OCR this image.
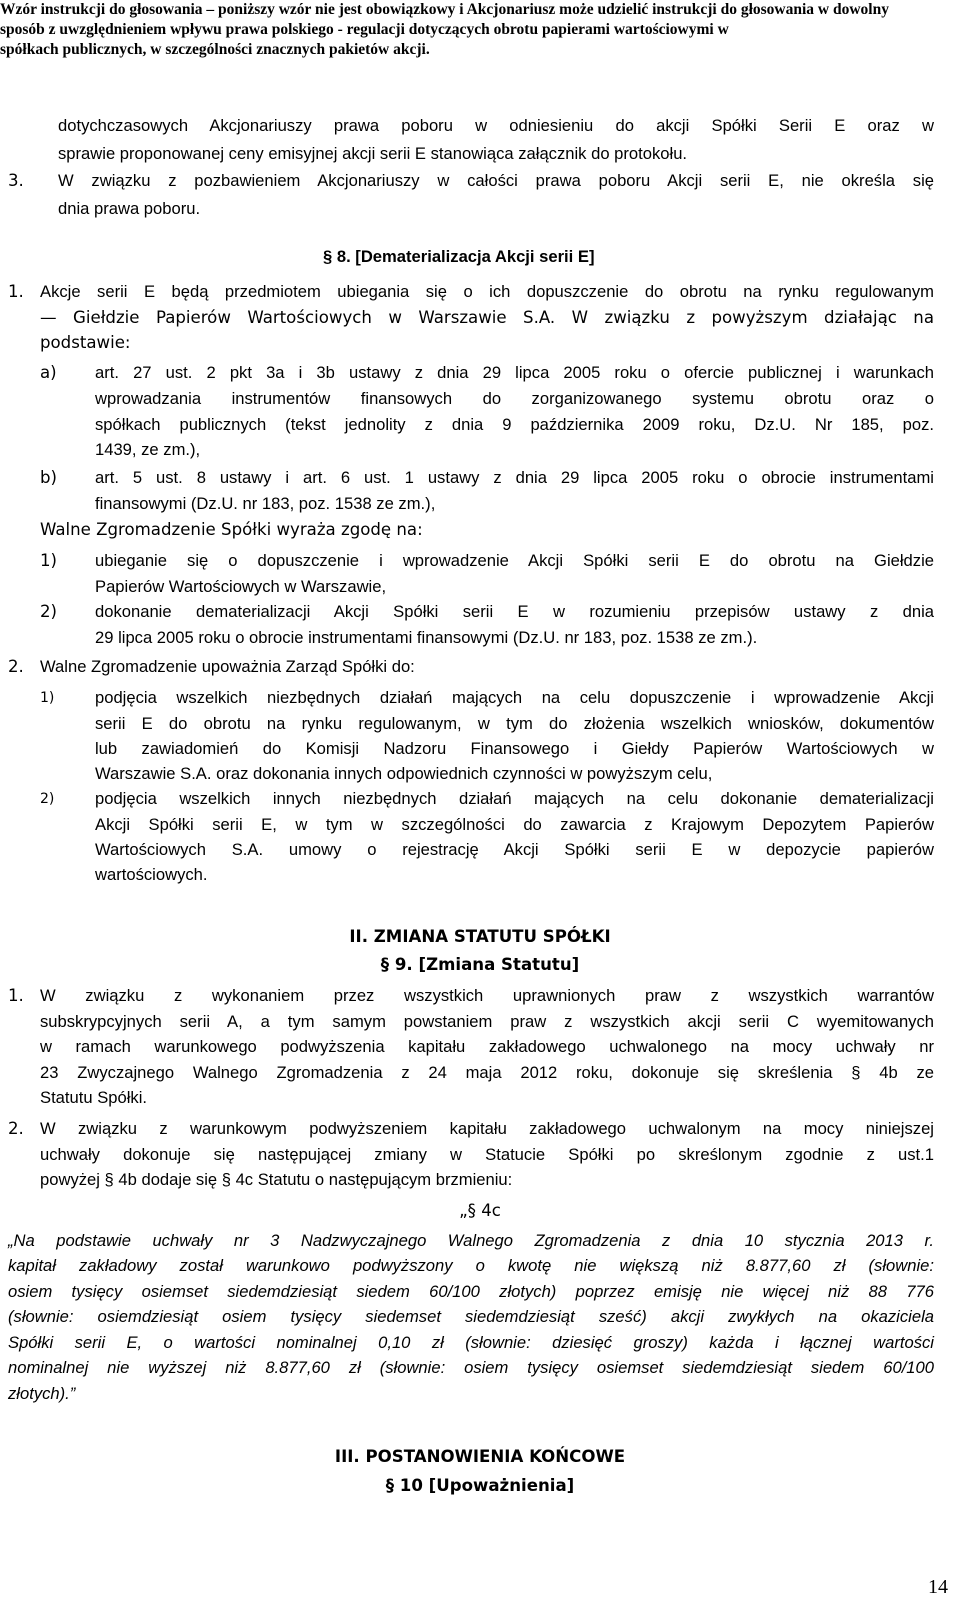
Wzór instrukcji do głosowania – poniższy wzór nie jest obowiązkowy i Akcjonariusz może udzielić instrukcji do głosowania w dowolny
sposób z uwzględnieniem wpływu prawa polskiego - regulacji dotyczących obrotu papierami wartościowymi w
spółkach publicznych, w szczególności znacznych pakietów akcji.
dotychczasowych Akcjonariuszy prawa poboru w odniesieniu do akcji Spółki Serii E oraz w
sprawie proponowanej ceny emisyjnej akcji serii E stanowiąca załącznik do protokołu.
3. W związku z pozbawieniem Akcjonariuszy w całości prawa poboru Akcji serii E, nie określa się
dnia prawa poboru.
§ 8. [Dematerializacja Akcji serii E]
1. Akcje serii E będą przedmiotem ubiegania się o ich dopuszczenie do obrotu na rynku regulowanym
— Giełdzie Papierów Wartościowych w Warszawie S.A. W związku z powyższym działając na
podstawie:
a) art. 27 ust. 2 pkt 3a i 3b ustawy z dnia 29 lipca 2005 roku o ofercie publicznej i warunkach
wprowadzania instrumentów finansowych do zorganizowanego systemu obrotu oraz o
spółkach publicznych (tekst jednolity z dnia 9 października 2009 roku, Dz.U. Nr 185, poz.
1439, ze zm.),
b) art. 5 ust. 8 ustawy i art. 6 ust. 1 ustawy z dnia 29 lipca 2005 roku o obrocie instrumentami
finansowymi (Dz.U. nr 183, poz. 1538 ze zm.),
Walne Zgromadzenie Spółki wyraża zgodę na:
1) ubieganie się o dopuszczenie i wprowadzenie Akcji Spółki serii E do obrotu na Giełdzie
Papierów Wartościowych w Warszawie,
2) dokonanie dematerializacji Akcji Spółki serii E w rozumieniu przepisów ustawy z dnia
29 lipca 2005 roku o obrocie instrumentami finansowymi (Dz.U. nr 183, poz. 1538 ze zm.).
2. Walne Zgromadzenie upoważnia Zarząd Spółki do:
1) podjęcia wszelkich niezbędnych działań mających na celu dopuszczenie i wprowadzenie Akcji
serii E do obrotu na rynku regulowanym, w tym do złożenia wszelkich wniosków, dokumentów
lub zawiadomień do Komisji Nadzoru Finansowego i Giełdy Papierów Wartościowych w
Warszawie S.A. oraz dokonania innych odpowiednich czynności w powyższym celu,
2) podjęcia wszelkich innych niezbędnych działań mających na celu dokonanie dematerializacji
Akcji Spółki serii E, w tym w szczególności do zawarcia z Krajowym Depozytem Papierów
Wartościowych S.A. umowy o rejestrację Akcji Spółki serii E w depozycie papierów
wartościowych.
II. ZMIANA STATUTU SPÓŁKI
§ 9. [Zmiana Statutu]
1. W związku z wykonaniem przez wszystkich uprawnionych praw z wszystkich warrantów
subskrypcyjnych serii A, a tym samym powstaniem praw z wszystkich akcji serii C wyemitowanych
w ramach warunkowego podwyższenia kapitału zakładowego uchwalonego na mocy uchwały nr
23 Zwyczajnego Walnego Zgromadzenia z 24 maja 2012 roku, dokonuje się skreślenia § 4b ze
Statutu Spółki.
2. W związku z warunkowym podwyższeniem kapitału zakładowego uchwalonym na mocy niniejszej
uchwały dokonuje się następującej zmiany w Statucie Spółki po skreślonym zgodnie z ust.1
powyżej § 4b dodaje się § 4c Statutu o następującym brzmieniu:
„§ 4c
„Na podstawie uchwały nr 3 Nadzwyczajnego Walnego Zgromadzenia z dnia 10 stycznia 2013 r.
kapitał zakładowy został warunkowo podwyższony o kwotę nie większą niż 8.877,60 zł (słownie:
osiem tysięcy osiemset siedemdziesiąt siedem 60/100 złotych) poprzez emisję nie więcej niż 88 776
(słownie: osiemdziesiąt osiem tysięcy siedemset siedemdziesiąt sześć) akcji zwykłych na okaziciela
Spółki serii E, o wartości nominalnej 0,10 zł (słownie: dziesięć groszy) każda i łącznej wartości
nominalnej nie wyższej niż 8.877,60 zł (słownie: osiem tysięcy osiemset siedemdziesiąt siedem 60/100
złotych).”
III. POSTANOWIENIA KOŃCOWE
§ 10 [Upoważnienia]
14
